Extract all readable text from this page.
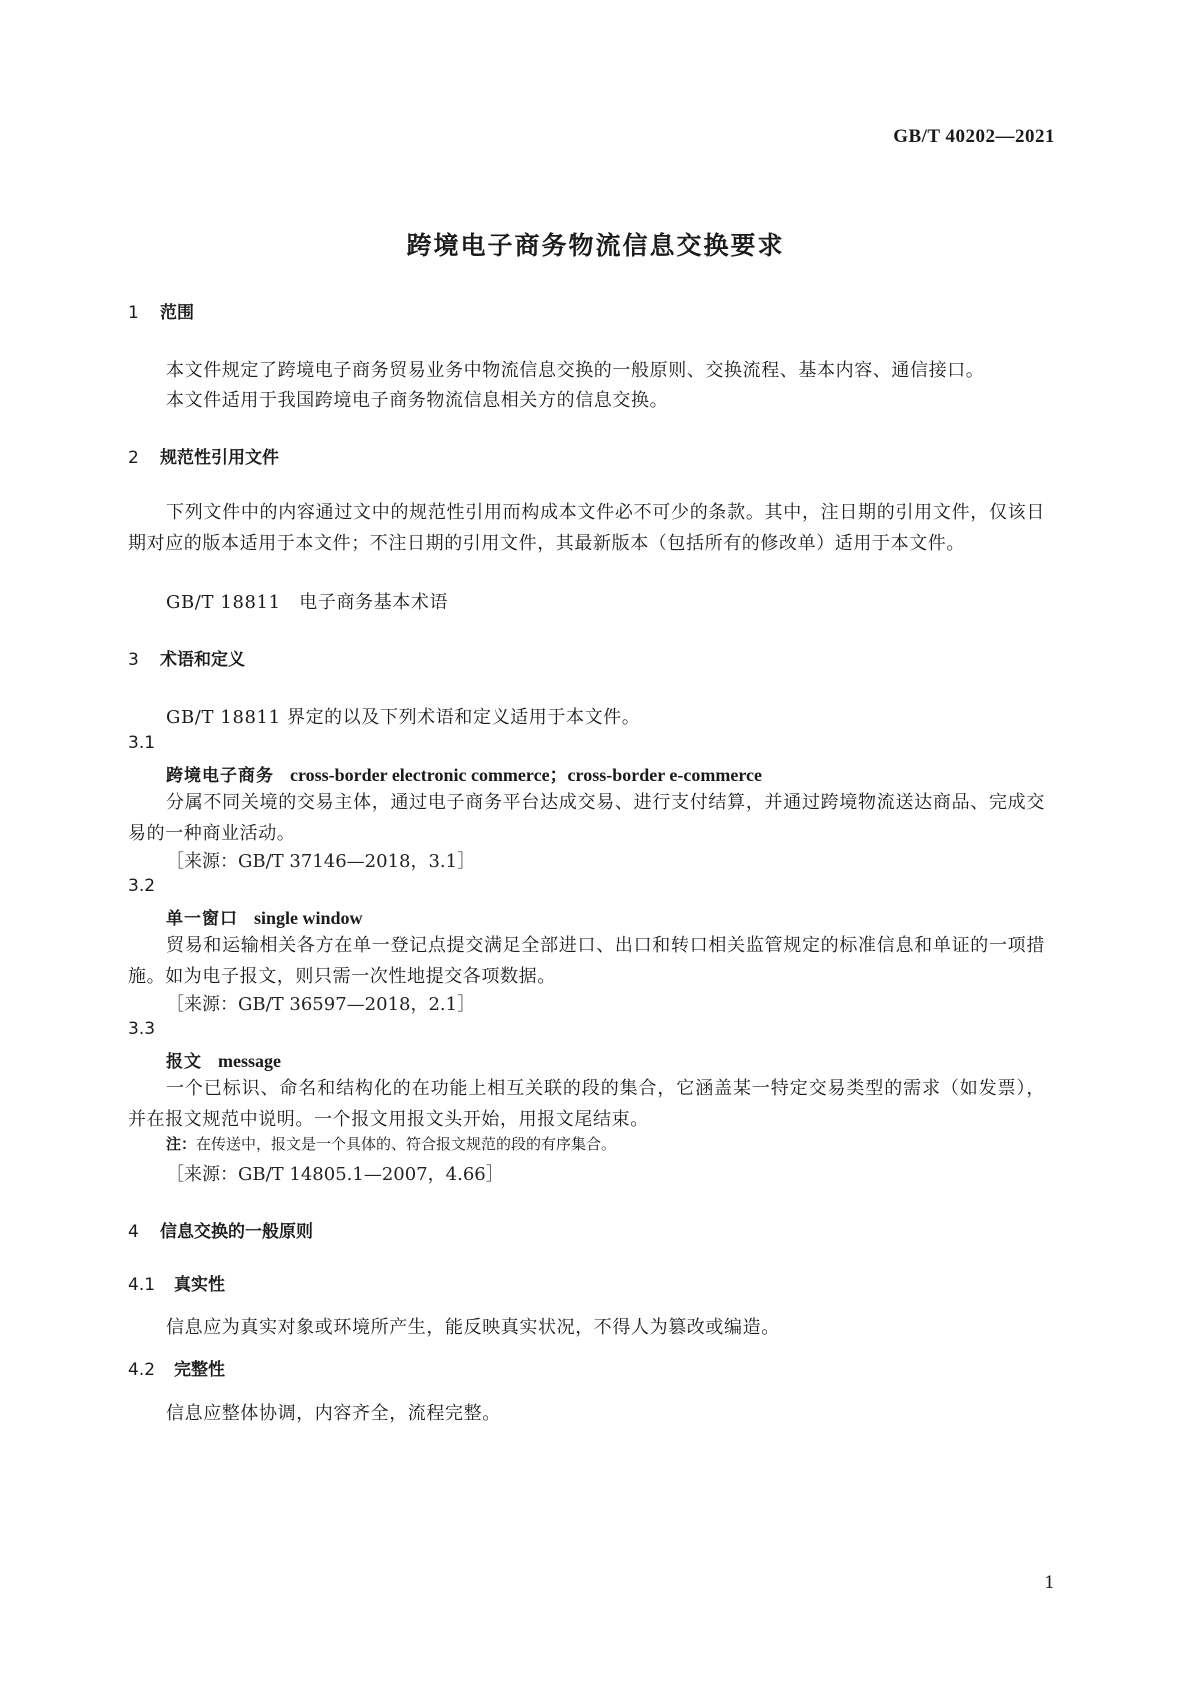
GB/T 40202—2021
跨境电子商务物流信息交换要求
1 范围
本文件规定了跨境电子商务贸易业务中物流信息交换的一般原则、交换流程、基本内容、通信接口。
本文件适用于我国跨境电子商务物流信息相关方的信息交换。
2 规范性引用文件
下列文件中的内容通过文中的规范性引用而构成本文件必不可少的条款。其中，注日期的引用文件，仅该日期对应的版本适用于本文件；不注日期的引用文件，其最新版本（包括所有的修改单）适用于本文件。
GB/T 18811　电子商务基本术语
3 术语和定义
GB/T 18811 界定的以及下列术语和定义适用于本文件。
3.1
跨境电子商务 cross-border electronic commerce；cross-border e-commerce
分属不同关境的交易主体，通过电子商务平台达成交易、进行支付结算，并通过跨境物流送达商品、完成交易的一种商业活动。
［来源：GB/T 37146—2018，3.1］
3.2
单一窗口 single window
贸易和运输相关各方在单一登记点提交满足全部进口、出口和转口相关监管规定的标准信息和单证的一项措施。如为电子报文，则只需一次性地提交各项数据。
［来源：GB/T 36597—2018，2.1］
3.3
报文 message
一个已标识、命名和结构化的在功能上相互关联的段的集合，它涵盖某一特定交易类型的需求（如发票），并在报文规范中说明。一个报文用报文头开始，用报文尾结束。
注：在传送中，报文是一个具体的、符合报文规范的段的有序集合。
［来源：GB/T 14805.1—2007，4.66］
4 信息交换的一般原则
4.1 真实性
信息应为真实对象或环境所产生，能反映真实状况，不得人为篡改或编造。
4.2 完整性
信息应整体协调，内容齐全，流程完整。
1
